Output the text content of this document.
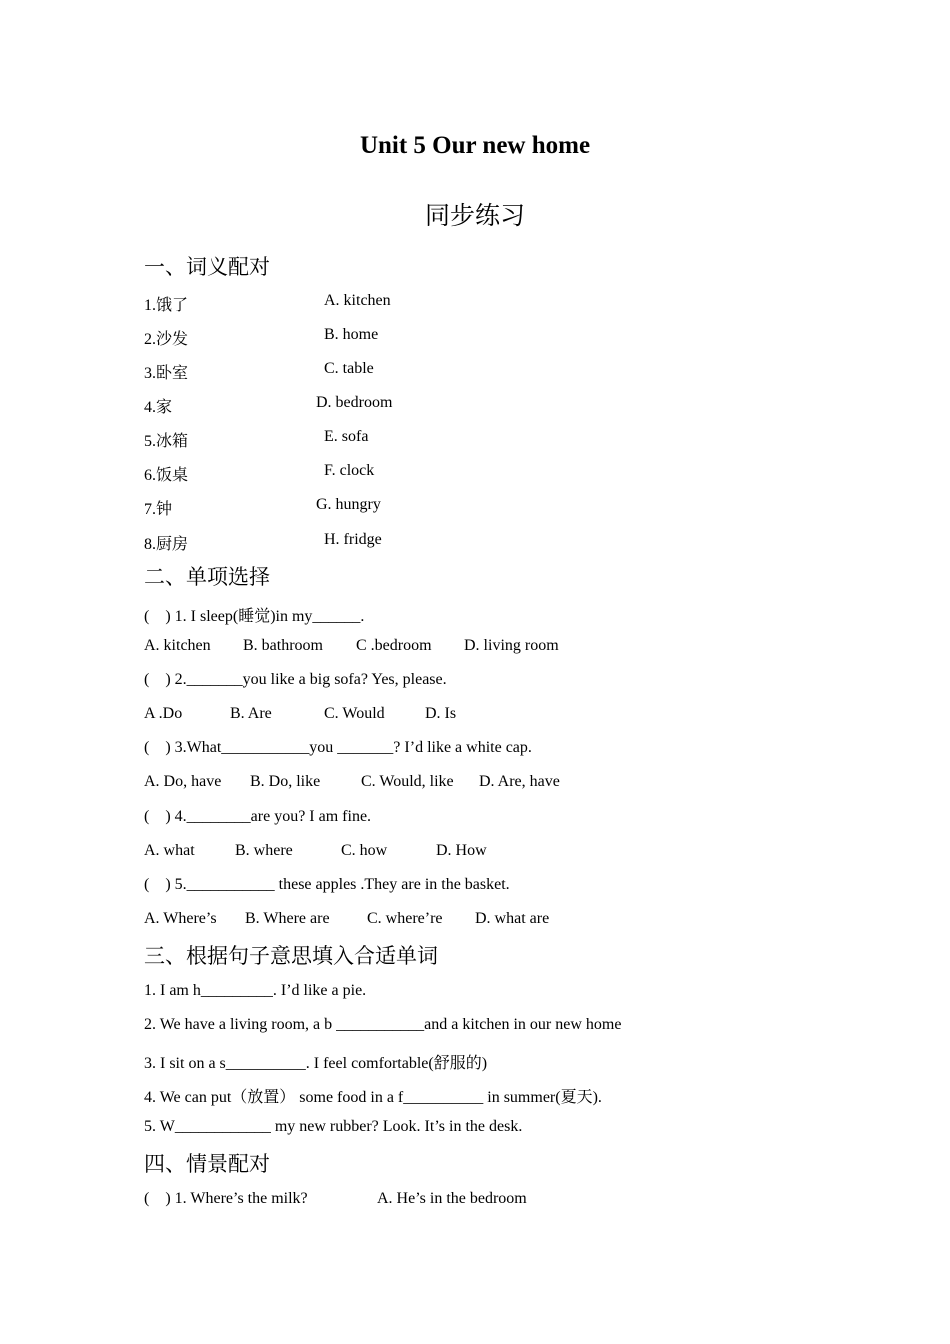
Unit 5 Our new home
同步练习
一、词义配对
1.饿了	A. kitchen
2.沙发	B. home
3.卧室	C. table
4.家	D. bedroom
5.冰箱	E. sofa
6.饭桌	F. clock
7.钟	G. hungry
8.厨房	H. fridge
二、单项选择
(    ) 1. I sleep(睡觉)in my______.
A. kitchen B. bathroom C .bedroom D. living room
(    ) 2._______you like a big sofa? Yes, please.
A .Do	B. Are	C. Would	D. Is
(    ) 3.What___________you _______? I’d like a white cap.
A. Do, have B. Do, like	C. Would, like D. Are, have
(    ) 4.________are you? I am fine.
A. what	B. where	C. how	D. How
(    ) 5.___________ these apples .They are in the basket.
A. Where’s B. Where are C. where’re D. what are
三、根据句子意思填入合适单词
1. I am h_________. I’d like a pie.
2. We have a living room, a b ___________and a kitchen in our new home
3. I sit on a s__________. I feel comfortable(舒服的)
4. We can put（放置） some food in a f__________ in summer(夏天).
5. W____________ my new rubber? Look. It’s in the desk.
四、情景配对
(    ) 1. Where’s the milk?	A. He’s in the bedroom
